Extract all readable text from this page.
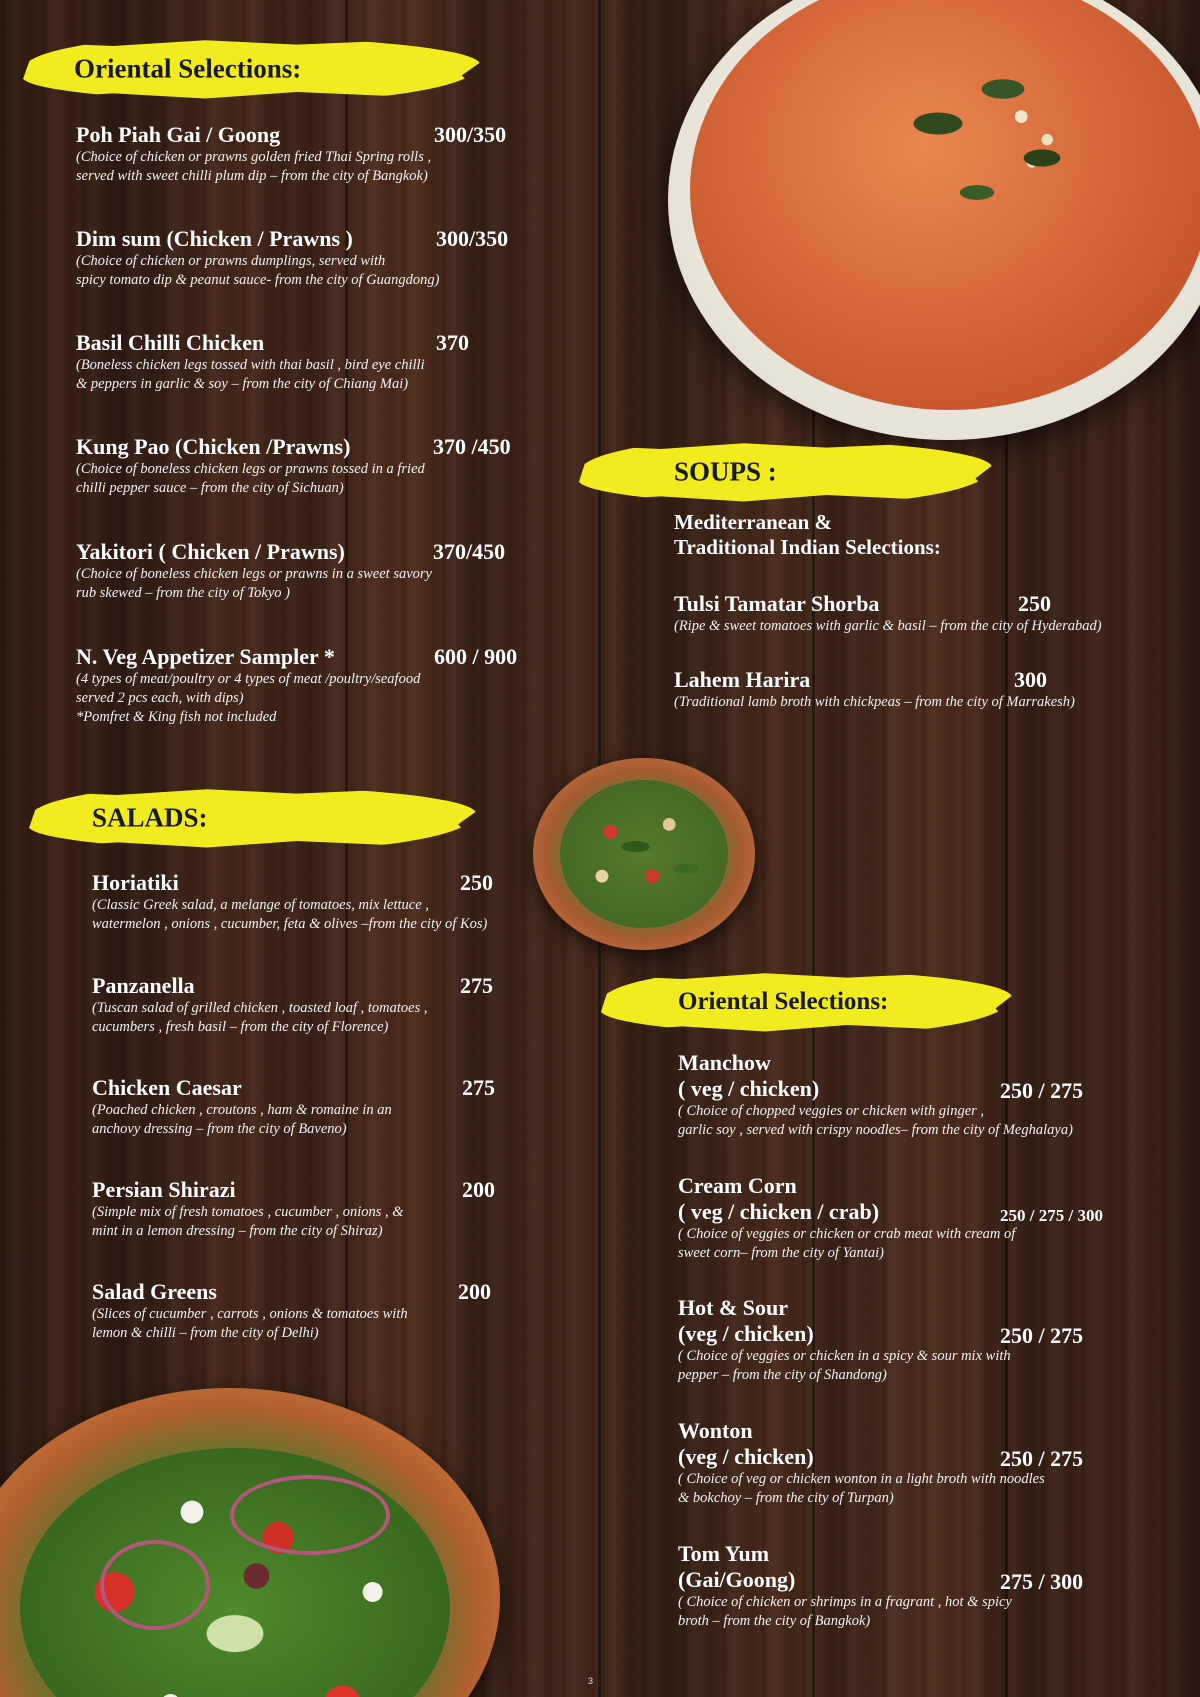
Oriental Selections:
Poh Piah Gai / Goong
(Choice of chicken or prawns golden fried Thai Spring rolls ,
served with sweet chilli plum dip – from the city of Bangkok)
300/350
Dim sum (Chicken / Prawns )
(Choice of chicken or prawns dumplings, served with
spicy tomato dip & peanut sauce- from the city of Guangdong)
300/350
Basil Chilli Chicken
(Boneless chicken legs tossed with thai basil , bird eye chilli
& peppers in garlic & soy – from the city of Chiang Mai)
370
Kung Pao (Chicken /Prawns)
(Choice of boneless chicken legs or prawns tossed in a fried
chilli pepper sauce – from the city of Sichuan)
370 /450
Yakitori ( Chicken / Prawns)
(Choice of boneless chicken legs or prawns in a sweet savory
rub skewed – from the city of Tokyo )
370/450
N. Veg Appetizer Sampler *
(4 types of meat/poultry or 4 types of meat /poultry/seafood
served 2 pcs each, with dips)
*Pomfret & King fish not included
600 / 900
SALADS:
Horiatiki
(Classic Greek salad, a melange of tomatoes, mix lettuce ,
watermelon , onions , cucumber, feta & olives –from the city of Kos)
250
Panzanella
(Tuscan salad of grilled chicken , toasted loaf , tomatoes ,
cucumbers , fresh basil – from the city of Florence)
275
Chicken Caesar
(Poached chicken , croutons , ham & romaine in an
anchovy dressing – from the city of Baveno)
275
Persian Shirazi
(Simple mix of fresh tomatoes , cucumber , onions , &
mint in a lemon dressing – from the city of Shiraz)
200
Salad Greens
(Slices of cucumber , carrots , onions & tomatoes with
lemon & chilli – from the city of Delhi)
200
SOUPS :
Mediterranean &
Traditional Indian Selections:
Tulsi Tamatar Shorba
(Ripe & sweet tomatoes with garlic & basil – from the city of Hyderabad)
250
Lahem Harira
(Traditional lamb broth with chickpeas – from the city of Marrakesh)
300
Oriental Selections:
Manchow
( veg / chicken)
( Choice of chopped veggies or chicken with ginger ,
garlic soy , served with crispy noodles– from the city of Meghalaya)
250 / 275
Cream Corn
( veg / chicken / crab)
( Choice of veggies or chicken or crab meat with cream of
sweet corn– from the city of Yantai)
250 / 275 / 300
Hot & Sour
(veg / chicken)
( Choice of veggies or chicken in a spicy & sour mix with
pepper – from the city of Shandong)
250 / 275
Wonton
(veg / chicken)
( Choice of veg or chicken wonton in a light broth with noodles
& bokchoy – from the city of Turpan)
250 / 275
Tom Yum
(Gai/Goong)
( Choice of chicken or shrimps in a fragrant , hot & spicy
broth – from the city of Bangkok)
275 / 300
3
